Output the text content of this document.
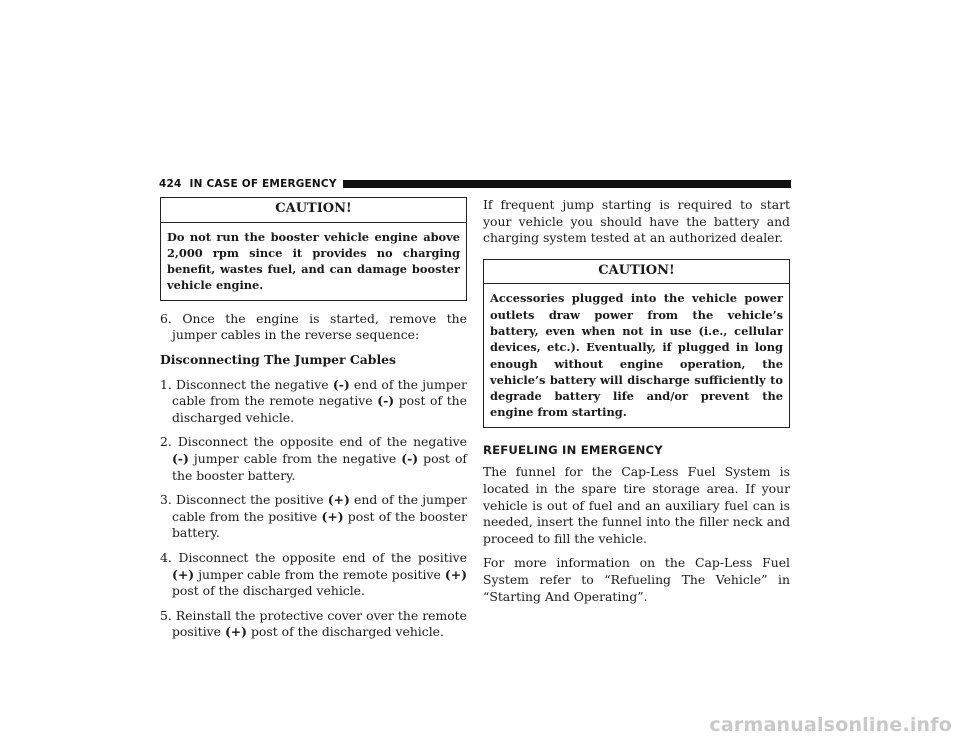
424 IN CASE OF EMERGENCY
CAUTION!
Do not run the booster vehicle engine above 2,000 rpm since it provides no charging benefit, wastes fuel, and can damage booster vehicle engine.
6. Once the engine is started, remove the jumper cables in the reverse sequence:
Disconnecting The Jumper Cables
1. Disconnect the negative (-) end of the jumper cable from the remote negative (-) post of the discharged vehicle.
2. Disconnect the opposite end of the negative (-) jumper cable from the negative (-) post of the booster battery.
3. Disconnect the positive (+) end of the jumper cable from the positive (+) post of the booster battery.
4. Disconnect the opposite end of the positive (+) jumper cable from the remote positive (+) post of the discharged vehicle.
5. Reinstall the protective cover over the remote positive (+) post of the discharged vehicle.

If frequent jump starting is required to start your vehicle you should have the battery and charging system tested at an authorized dealer.

CAUTION!
Accessories plugged into the vehicle power outlets draw power from the vehicle’s battery, even when not in use (i.e., cellular devices, etc.). Eventually, if plugged in long enough without engine operation, the vehicle’s battery will discharge sufficiently to degrade battery life and/or prevent the engine from starting.
REFUELING IN EMERGENCY

The funnel for the Cap-Less Fuel System is located in the spare tire storage area. If your vehicle is out of fuel and an auxiliary fuel can is needed, insert the funnel into the filler neck and proceed to fill the vehicle.

For more information on the Cap-Less Fuel System refer to “Refueling The Vehicle” in “Starting And Operating”.

carmanualsonline.info
